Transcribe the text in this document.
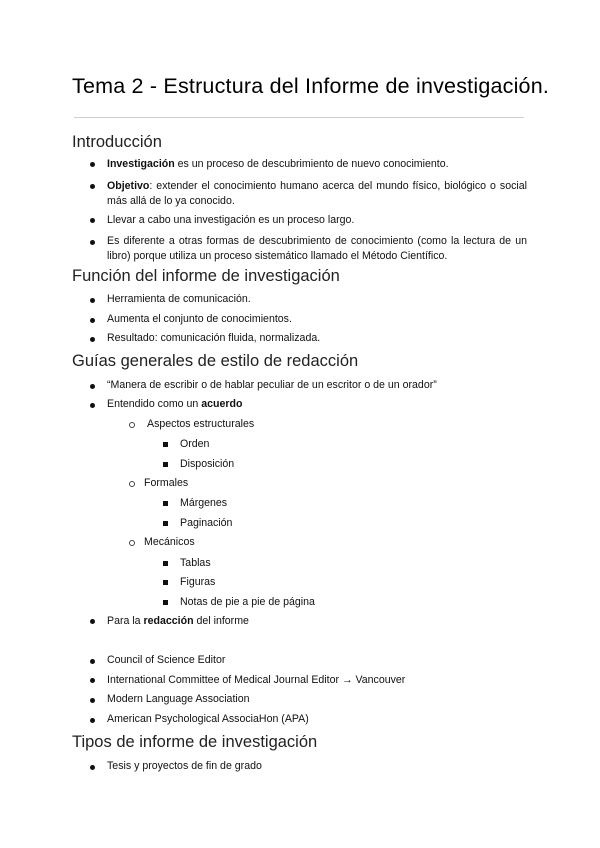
Tema 2 - Estructura del Informe de investigación.
Introducción
Investigación es un proceso de descubrimiento de nuevo conocimiento.
Objetivo: extender el conocimiento humano acerca del mundo físico, biológico o social más allá de lo ya conocido.
Llevar a cabo una investigación es un proceso largo.
Es diferente a otras formas de descubrimiento de conocimiento (como la lectura de un libro) porque utiliza un proceso sistemático llamado el Método Científico.
Función del informe de investigación
Herramienta de comunicación.
Aumenta el conjunto de conocimientos.
Resultado: comunicación fluida, normalizada.
Guías generales de estilo de redacción
“Manera de escribir o de hablar peculiar de un escritor o de un orador”
Entendido como un acuerdo
Aspectos estructurales
Orden
Disposición
Formales
Márgenes
Paginación
Mecánicos
Tablas
Figuras
Notas de pie a pie de página
Para la redacción del informe
Council of Science Editor
International Committee of Medical Journal Editor → Vancouver
Modern Language Association
American Psychological AssociaHon (APA)
Tipos de informe de investigación
Tesis y proyectos de fin de grado
